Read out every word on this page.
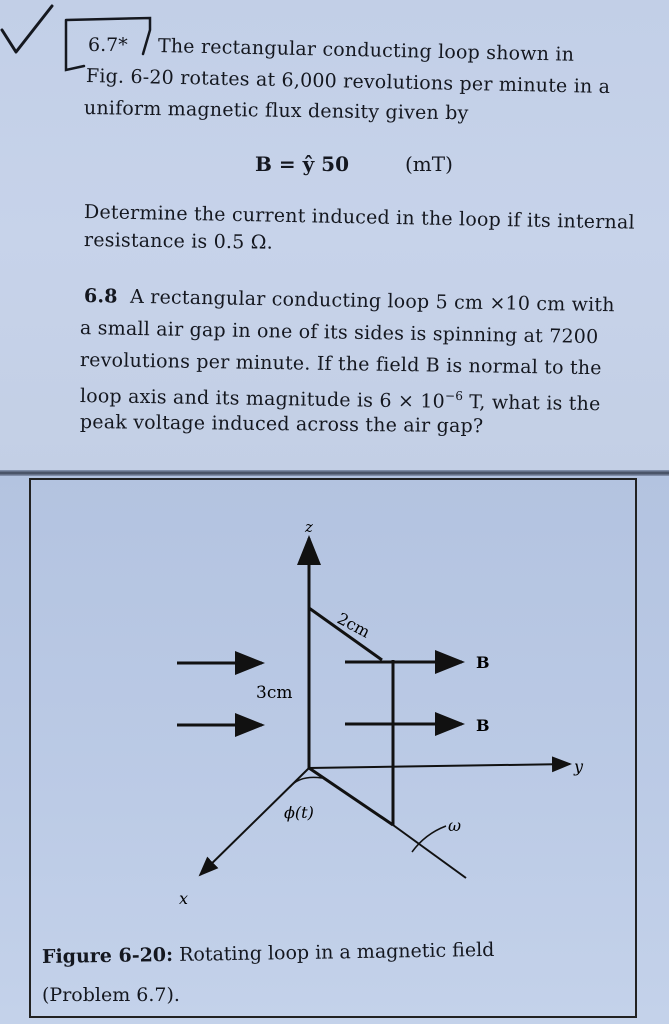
6.7* The rectangular conducting loop shown in
Fig. 6-20 rotates at 6,000 revolutions per minute in a
uniform magnetic flux density given by
B = ŷ 50	(mT)
Determine the current induced in the loop if its internal
resistance is 0.5 Ω.
6.8 A rectangular conducting loop 5 cm ×10 cm with
a small air gap in one of its sides is spinning at 7200
revolutions per minute. If the field B is normal to the
loop axis and its magnitude is $6 \times 10^{-6}$ T, what is the
peak voltage induced across the air gap?
z
y
x
2cm
3cm
B
B
ϕ(t)
ω
Figure 6-20: Rotating loop in a magnetic field
(Problem 6.7).
